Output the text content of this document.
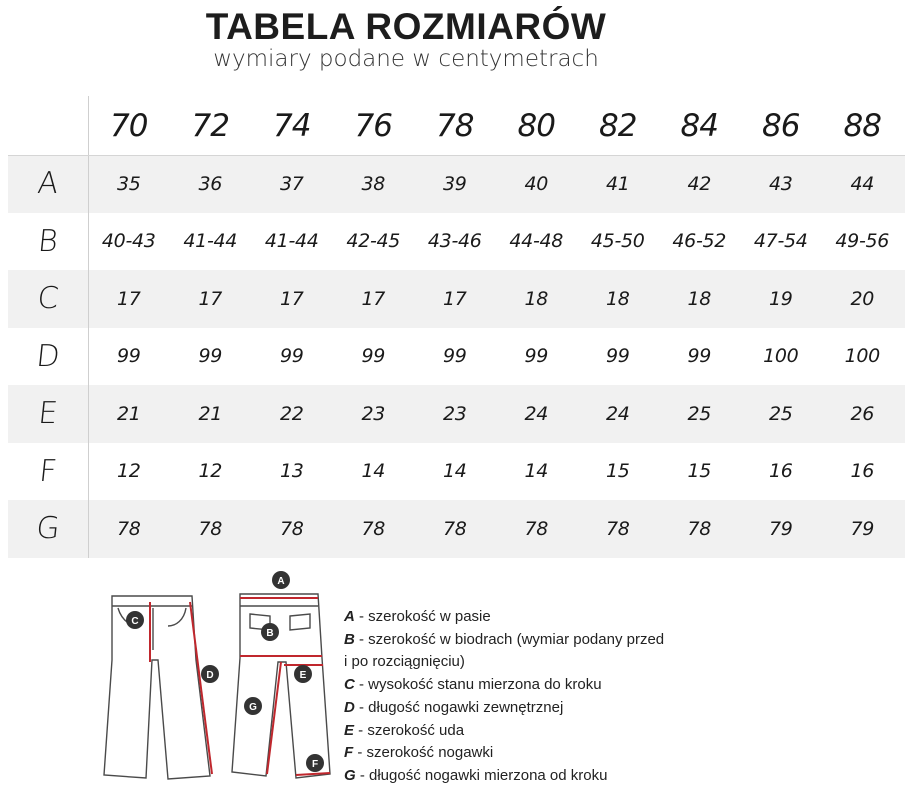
TABELA ROZMIARÓW
wymiary podane w centymetrach
70	72	74	76	78	80	82	84	86	88
A	35	36	37	38	39	40	41	42	43	44
B	40-43	41-44	41-44	42-45	43-46	44-48	45-50	46-52	47-54	49-56
C	17	17	17	17	17	18	18	18	19	20
D	99	99	99	99	99	99	99	99	100	100
E	21	21	22	23	23	24	24	25	25	26
F	12	12	13	14	14	14	15	15	16	16
G	78	78	78	78	78	78	78	78	79	79
A
B
C
D	E
F
G
A - szerokość w pasie
B - szerokość w biodrach (wymiar podany przed
i po rozciągnięciu)
C - wysokość stanu mierzona do kroku
D - długość nogawki zewnętrznej
E - szerokość uda
F - szerokość nogawki
G - długość nogawki mierzona od kroku
